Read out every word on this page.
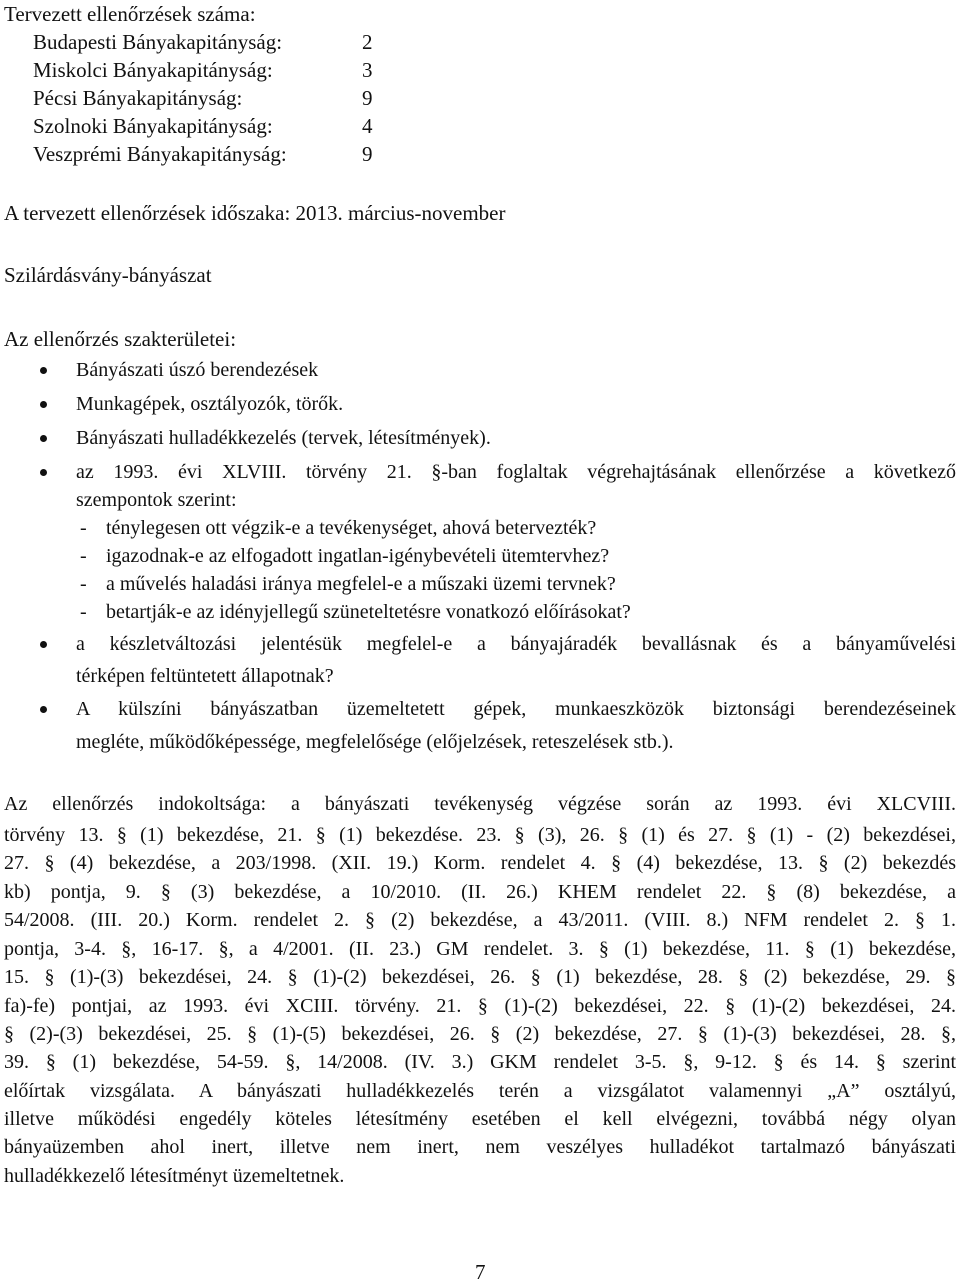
Tervezett ellenőrzések száma:
Budapesti Bányakapitányság:	2
Miskolci Bányakapitányság:	3
Pécsi Bányakapitányság:	9
Szolnoki Bányakapitányság:	4
Veszprémi Bányakapitányság:	9
A tervezett ellenőrzések időszaka: 2013. március-november
Szilárdásvány-bányászat
Az ellenőrzés szakterületei:
Bányászati úszó berendezések
Munkagépek, osztályozók, törők.
Bányászati hulladékkezelés (tervek, létesítmények).
az 1993. évi XLVIII. törvény 21. §-ban foglaltak végrehajtásának ellenőrzése a következő
szempontok szerint:
- ténylegesen ott végzik-e a tevékenységet, ahová betervezték?
- igazodnak-e az elfogadott ingatlan-igénybevételi ütemtervhez?
- a művelés haladási iránya megfelel-e a műszaki üzemi tervnek?
- betartják-e az idényjellegű szüneteltetésre vonatkozó előírásokat?
a készletváltozási jelentésük megfelel-e a bányajáradék bevallásnak és a bányaművelési
térképen feltüntetett állapotnak?
A külszíni bányászatban üzemeltetett gépek, munkaeszközök biztonsági berendezéseinek
megléte, működőképessége, megfelelősége (előjelzések, reteszelések stb.).
Az ellenőrzés indokoltsága: a bányászati tevékenység végzése során az 1993. évi XLCVIII.
törvény 13. § (1) bekezdése, 21. § (1) bekezdése. 23. § (3), 26. § (1) és 27. § (1) - (2) bekezdései,
27. § (4) bekezdése, a 203/1998. (XII. 19.) Korm. rendelet 4. § (4) bekezdése, 13. § (2) bekezdés
kb) pontja, 9. § (3) bekezdése, a 10/2010. (II. 26.) KHEM rendelet 22. § (8) bekezdése, a
54/2008. (III. 20.) Korm. rendelet 2. § (2) bekezdése, a 43/2011. (VIII. 8.) NFM rendelet 2. § 1.
pontja, 3-4. §, 16-17. §, a 4/2001. (II. 23.) GM rendelet. 3. § (1) bekezdése, 11. § (1) bekezdése,
15. § (1)-(3) bekezdései, 24. § (1)-(2) bekezdései, 26. § (1) bekezdése, 28. § (2) bekezdése, 29. §
fa)-fe) pontjai, az 1993. évi XCIII. törvény. 21. § (1)-(2) bekezdései, 22. § (1)-(2) bekezdései, 24.
§ (2)-(3) bekezdései, 25. § (1)-(5) bekezdései, 26. § (2) bekezdése, 27. § (1)-(3) bekezdései, 28. §,
39. § (1) bekezdése, 54-59. §, 14/2008. (IV. 3.) GKM rendelet 3-5. §, 9-12. § és 14. § szerint
előírtak vizsgálata. A bányászati hulladékkezelés terén a vizsgálatot valamennyi „A” osztályú,
illetve működési engedély köteles létesítmény esetében el kell elvégezni, továbbá négy olyan
bányaüzemben ahol inert, illetve nem inert, nem veszélyes hulladékot tartalmazó bányászati
hulladékkezelő létesítményt üzemeltetnek.
7
